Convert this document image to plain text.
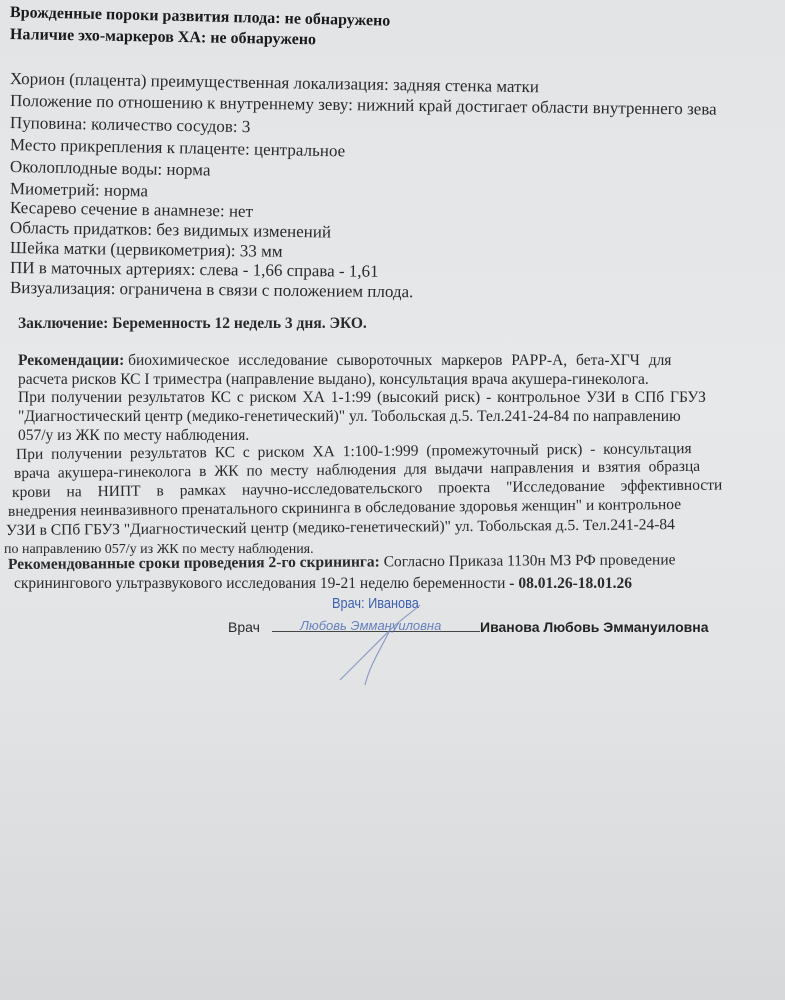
Врожденные пороки развития плода: не обнаружено
Наличие эхо-маркеров ХА: не обнаружено
Хорион (плацента) преимущественная локализация: задняя стенка матки
Положение по отношению к внутреннему зеву: нижний край достигает области внутреннего зева
Пуповина: количество сосудов: 3
Место прикрепления к плаценте: центральное
Околоплодные воды: норма
Миометрий: норма
Кесарево сечение в анамнезе: нет
Область придатков: без видимых изменений
Шейка матки (цервикометрия): 33 мм
ПИ в маточных артериях: слева - 1,66 справа - 1,61
Визуализация: ограничена в связи с положением плода.
Заключение: Беременность 12 недель 3 дня. ЭКО.
Рекомендации: биохимическое исследование сывороточных маркеров PAPP-A, бета-ХГЧ для
расчета рисков КС I триместра (направление выдано), консультация врача акушера-гинеколога.
При получении результатов КС с риском ХА 1-1:99 (высокий риск) - контрольное УЗИ в СПб ГБУЗ
"Диагностический центр (медико-генетический)" ул. Тобольская д.5. Тел.241-24-84 по направлению
057/у из ЖК по месту наблюдения.
При получении результатов КС с риском ХА 1:100-1:999 (промежуточный риск) - консультация
врача акушера-гинеколога в ЖК по месту наблюдения для выдачи направления и взятия образца
крови на НИПТ в рамках научно-исследовательского проекта "Исследование эффективности
внедрения неинвазивного пренатального скрининга в обследование здоровья женщин" и контрольное
УЗИ в СПб ГБУЗ "Диагностический центр (медико-генетический)" ул. Тобольская д.5. Тел.241-24-84
по направлению 057/у из ЖК по месту наблюдения.
Рекомендованные сроки проведения 2-го скрининга: Согласно Приказа 1130н МЗ РФ проведение
скринингового ультразвукового исследования 19-21 неделю беременности - 08.01.26-18.01.26
Врач: Иванова
Врач	Любовь Эммануиловна	Иванова Любовь Эммануиловна
